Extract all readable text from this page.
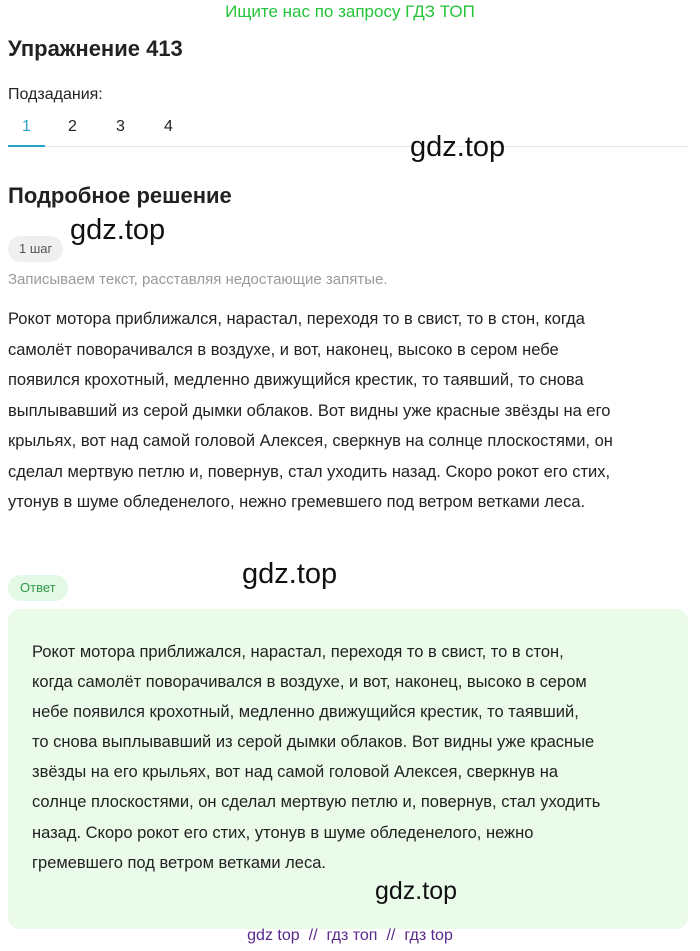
Ищите нас по запросу ГДЗ ТОП
Упражнение 413
Подзадания:
1	2	3	4
gdz.top
Подробное решение
gdz.top
1 шаг
Записываем текст, расставляя недостающие запятые.
Рокот мотора приближался, нарастал, переходя то в свист, то в стон, когда
самолёт поворачивался в воздухе, и вот, наконец, высоко в сером небе
появился крохотный, медленно движущийся крестик, то таявший, то снова
выплывавший из серой дымки облаков. Вот видны уже красные звёзды на его
крыльях, вот над самой головой Алексея, сверкнув на солнце плоскостями, он
сделал мертвую петлю и, повернув, стал уходить назад. Скоро рокот его стих,
утонув в шуме обледенелого, нежно гремевшего под ветром ветками леса.
Ответ	gdz.top
Рокот мотора приближался, нарастал, переходя то в свист, то в стон,
когда самолёт поворачивался в воздухе, и вот, наконец, высоко в сером
небе появился крохотный, медленно движущийся крестик, то таявший,
то снова выплывавший из серой дымки облаков. Вот видны уже красные
звёзды на его крыльях, вот над самой головой Алексея, сверкнув на
солнце плоскостями, он сделал мертвую петлю и, повернув, стал уходить
назад. Скоро рокот его стих, утонув в шуме обледенелого, нежно
гремевшего под ветром ветками леса.
gdz.top
gdz top // гдз топ // гдз top
